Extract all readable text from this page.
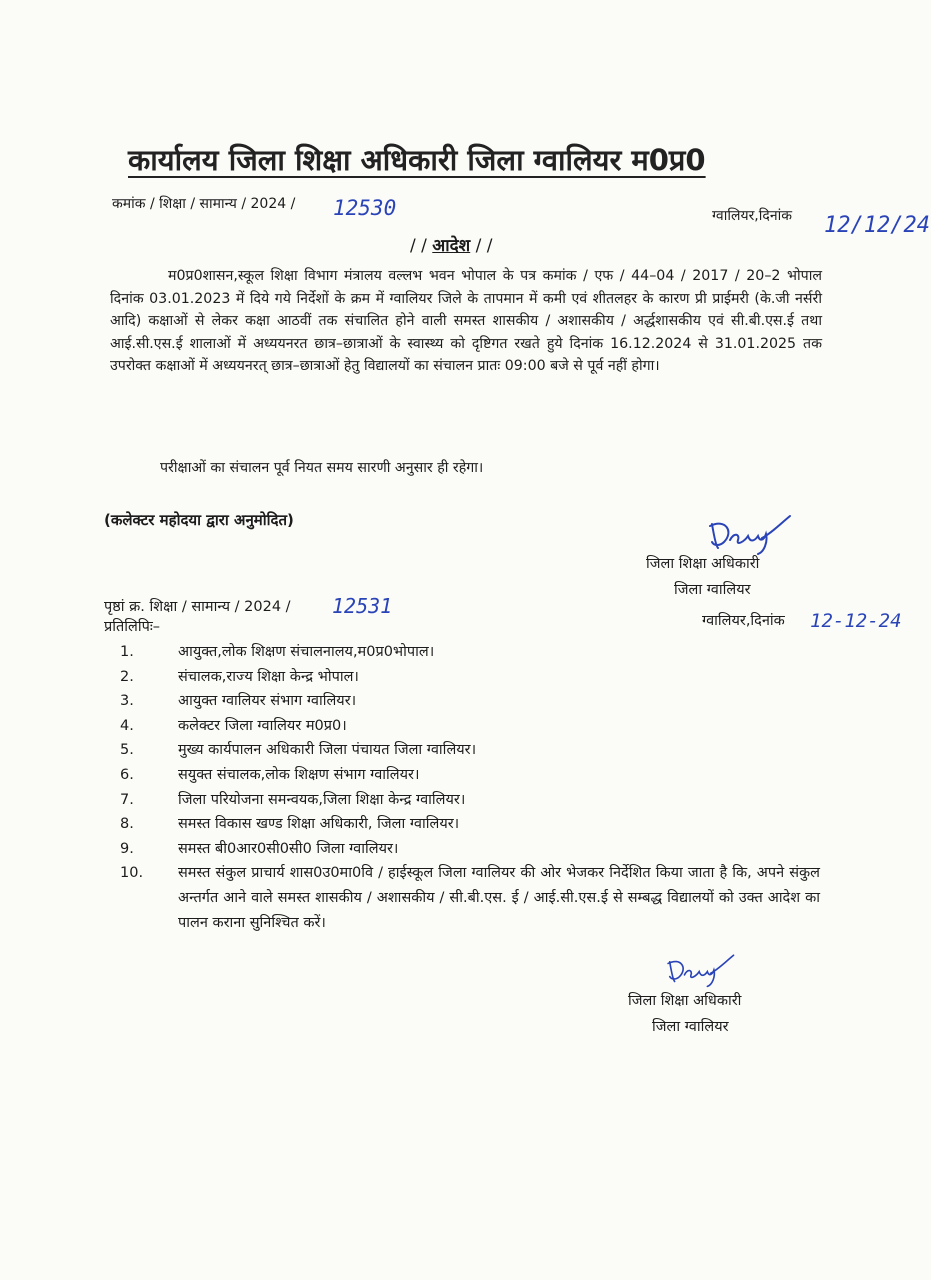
कार्यालय जिला शिक्षा अधिकारी जिला ग्वालियर म0प्र0
कमांक / शिक्षा / सामान्य / 2024 / 12530	ग्वालियर,दिनांक 12/12/24
/ / आदेश / /
म0प्र0शासन,स्कूल शिक्षा विभाग मंत्रालय वल्लभ भवन भोपाल के पत्र कमांक / एफ / 44–04 / 2017 / 20–2 भोपाल दिनांक 03.01.2023 में दिये गये निर्देशों के क्रम में ग्वालियर जिले के तापमान में कमी एवं शीतलहर के कारण प्री प्राईमरी (के.जी नर्सरी आदि) कक्षाओं से लेकर कक्षा आठवीं तक संचालित होने वाली समस्त शासकीय / अशासकीय / अर्द्धशासकीय एवं सी.बी.एस.ई तथा आई.सी.एस.ई शालाओं में अध्ययनरत छात्र–छात्राओं के स्वास्थ्य को दृष्टिगत रखते हुये दिनांक 16.12.2024 से 31.01.2025 तक उपरोक्त कक्षाओं में अध्ययनरत् छात्र–छात्राओं हेतु विद्यालयों का संचालन प्रातः 09:00 बजे से पूर्व नहीं होगा।
परीक्षाओं का संचालन पूर्व नियत समय सारणी अनुसार ही रहेगा।
(कलेक्टर महोदया द्वारा अनुमोदित)
जिला शिक्षा अधिकारी
जिला ग्वालियर
ग्वालियर,दिनांक 12-12-24
पृष्ठां क्र. शिक्षा / सामान्य / 2024 / 12531
प्रतिलिपिः–
1.	आयुक्त,लोक शिक्षण संचालनालय,म0प्र0भोपाल।
2.	संचालक,राज्य शिक्षा केन्द्र भोपाल।
3.	आयुक्त ग्वालियर संभाग ग्वालियर।
4.	कलेक्टर जिला ग्वालियर म0प्र0।
5.	मुख्य कार्यपालन अधिकारी जिला पंचायत जिला ग्वालियर।
6.	सयुक्त संचालक,लोक शिक्षण संभाग ग्वालियर।
7.	जिला परियोजना समन्वयक,जिला शिक्षा केन्द्र ग्वालियर।
8.	समस्त विकास खण्ड शिक्षा अधिकारी, जिला ग्वालियर।
9.	समस्त बी0आर0सी0सी0 जिला ग्वालियर।
10.	समस्त संकुल प्राचार्य शास0उ0मा0वि / हाईस्कूल जिला ग्वालियर की ओर भेजकर निर्देशित किया जाता है कि, अपने संकुल अन्तर्गत आने वाले समस्त शासकीय / अशासकीय / सी.बी.एस. ई / आई.सी.एस.ई से सम्बद्ध विद्यालयों को उक्त आदेश का पालन कराना सुनिश्चित करें।
जिला शिक्षा अधिकारी
जिला ग्वालियर
